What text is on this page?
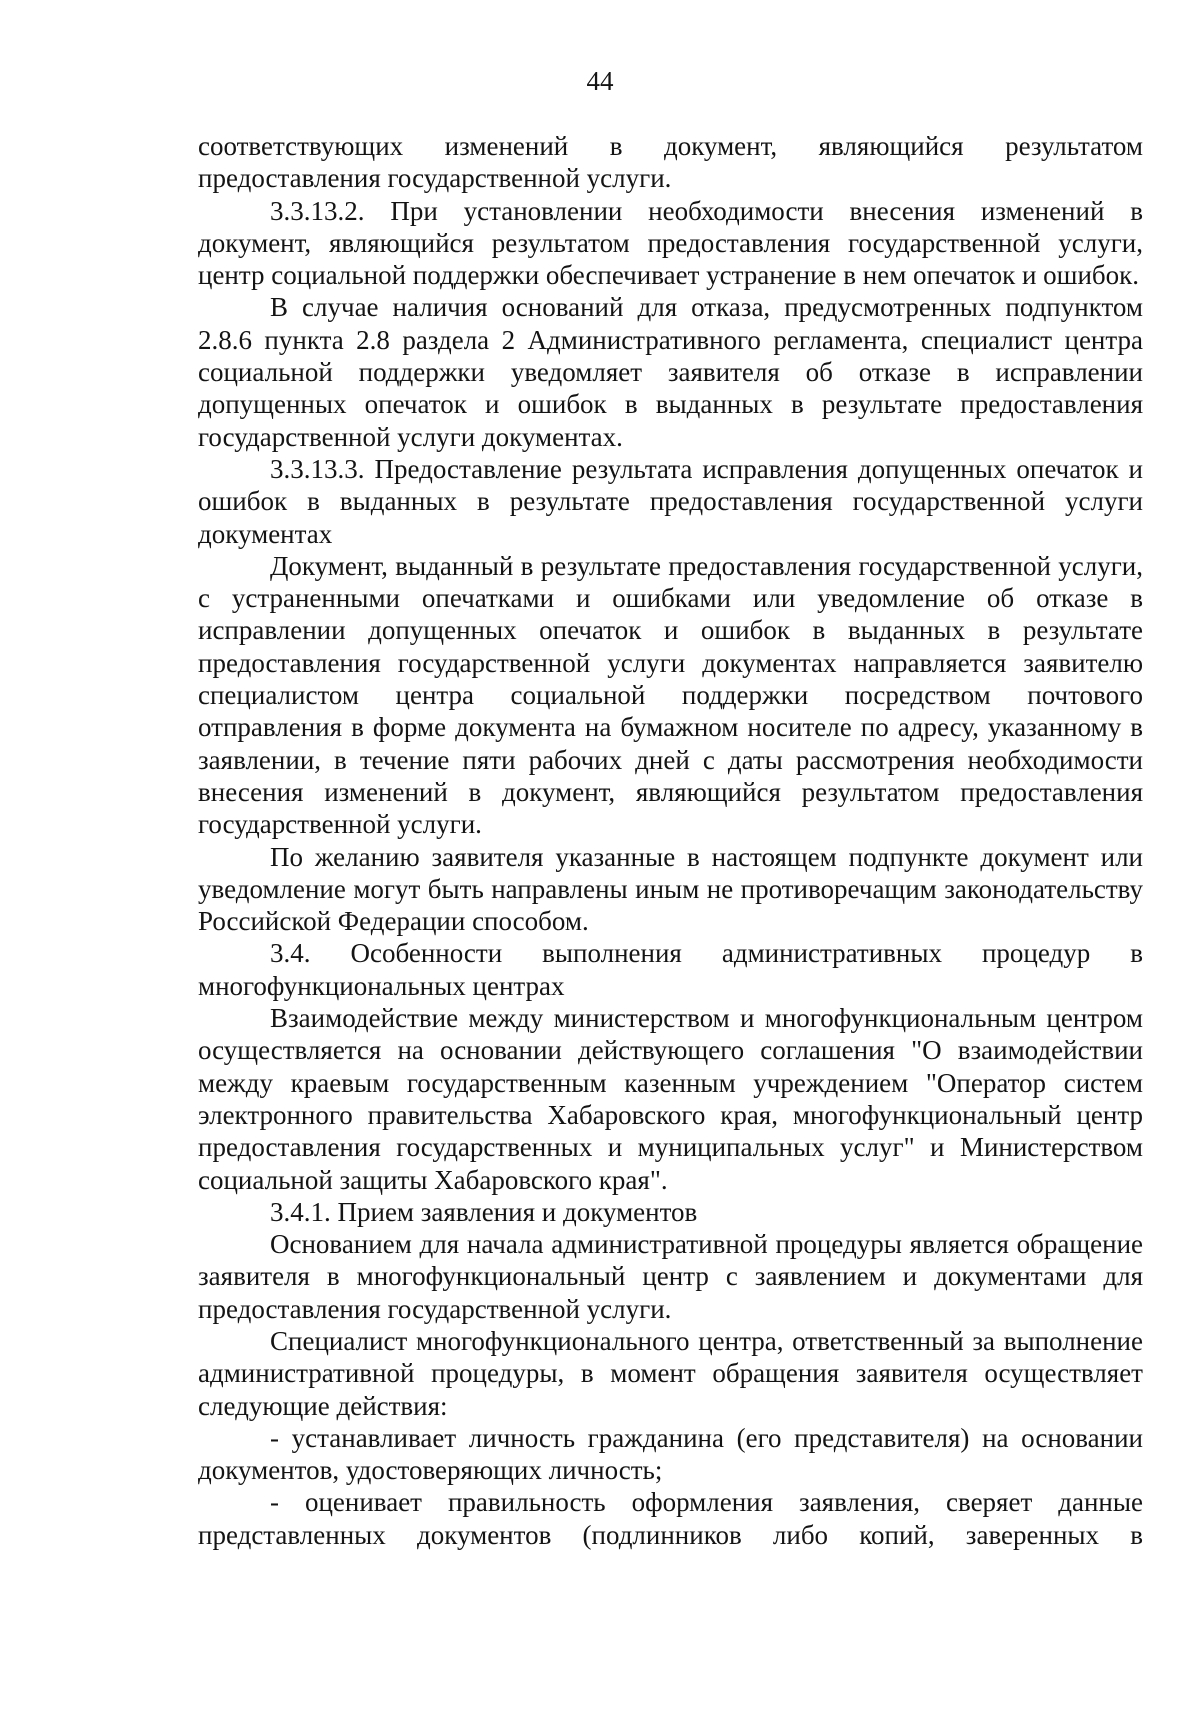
44

соответствующих изменений в документ, являющийся результатом предоставления государственной услуги.

3.3.13.2. При установлении необходимости внесения изменений в документ, являющийся результатом предоставления государственной услуги, центр социальной поддержки обеспечивает устранение в нем опечаток и ошибок.

В случае наличия оснований для отказа, предусмотренных подпунктом 2.8.6 пункта 2.8 раздела 2 Административного регламента, специалист центра социальной поддержки уведомляет заявителя об отказе в исправлении допущенных опечаток и ошибок в выданных в результате предоставления государственной услуги документах.

3.3.13.3. Предоставление результата исправления допущенных опечаток и ошибок в выданных в результате предоставления государственной услуги документах

Документ, выданный в результате предоставления государственной услуги, с устраненными опечатками и ошибками или уведомление об отказе в исправлении допущенных опечаток и ошибок в выданных в результате предоставления государственной услуги документах направляется заявителю специалистом центра социальной поддержки посредством почтового отправления в форме документа на бумажном носителе по адресу, указанному в заявлении, в течение пяти рабочих дней с даты рассмотрения необходимости внесения изменений в документ, являющийся результатом предоставления государственной услуги.

По желанию заявителя указанные в настоящем подпункте документ или уведомление могут быть направлены иным не противоречащим законодательству Российской Федерации способом.

3.4. Особенности выполнения административных процедур в многофункциональных центрах

Взаимодействие между министерством и многофункциональным центром осуществляется на основании действующего соглашения "О взаимодействии между краевым государственным казенным учреждением "Оператор систем электронного правительства Хабаровского края, многофункциональный центр предоставления государственных и муниципальных услуг" и Министерством социальной защиты Хабаровского края".

3.4.1. Прием заявления и документов

Основанием для начала административной процедуры является обращение заявителя в многофункциональный центр с заявлением и документами для предоставления государственной услуги.

Специалист многофункционального центра, ответственный за выполнение административной процедуры, в момент обращения заявителя осуществляет следующие действия:

- устанавливает личность гражданина (его представителя) на основании документов, удостоверяющих личность;

- оценивает правильность оформления заявления, сверяет данные представленных документов (подлинников либо копий, заверенных в
